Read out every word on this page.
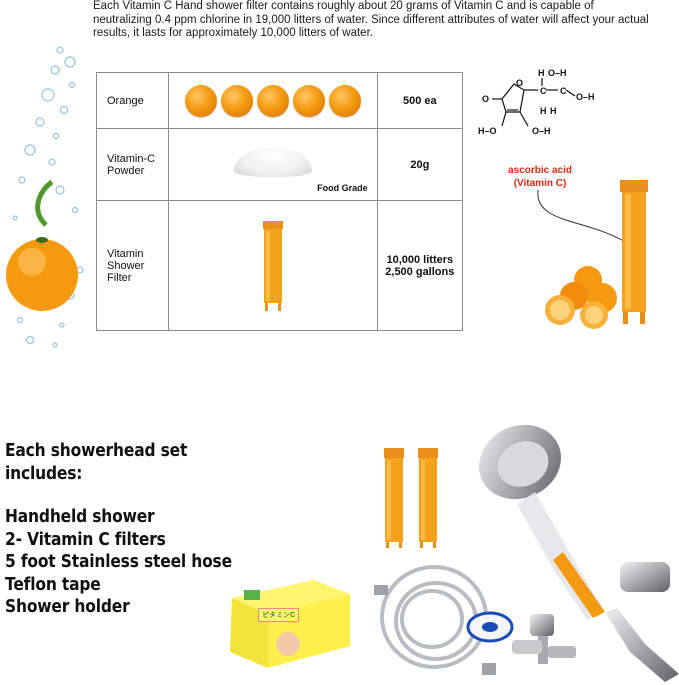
Each Vitamin C Hand shower filter contains roughly about 20 grams of Vitamin C and is capable of neutralizing 0.4 ppm chlorine in 19,000 litters of water. Since different attributes of water will affect your actual results, it lasts for approximately 10,000 litters of water.
Orange		500 ea
Vitamin-C Powder	Food Grade	20g
Vitamin Shower Filter		10,000 litters
2,500 gallons
O
O
H O–H
C C
O–H
H H
H–O	O–H
ascorbic acid
(Vitamin C)
Each showerhead set includes:
Handheld shower
2- Vitamin C filters
5 foot Stainless steel hose
Teflon tape
Shower holder	ビタミンC
